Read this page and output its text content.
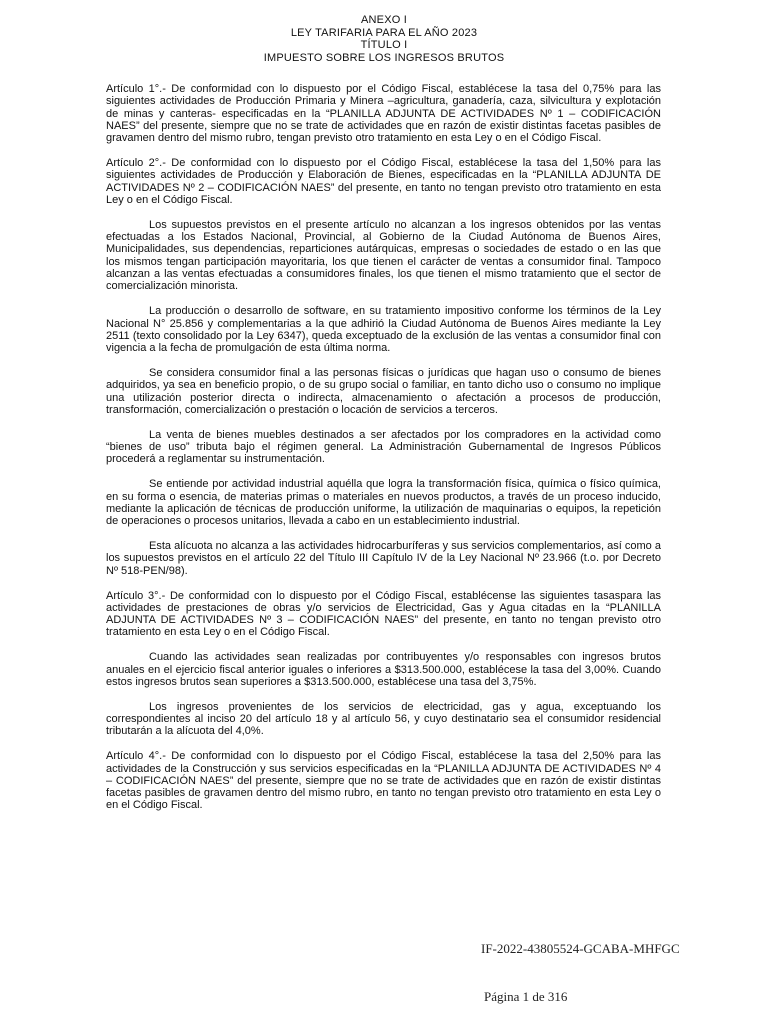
ANEXO I
LEY TARIFARIA PARA EL AÑO 2023
TÍTULO I
IMPUESTO SOBRE LOS INGRESOS BRUTOS

Artículo 1°.- De conformidad con lo dispuesto por el Código Fiscal, establécese la tasa del 0,75% para las siguientes actividades de Producción Primaria y Minera –agricultura, ganadería, caza, silvicultura y explotación de minas y canteras- especificadas en la “PLANILLA ADJUNTA DE ACTIVIDADES Nº 1 – CODIFICACIÓN NAES” del presente, siempre que no se trate de actividades que en razón de existir distintas facetas pasibles de gravamen dentro del mismo rubro, tengan previsto otro tratamiento en esta Ley o en el Código Fiscal.

Artículo 2°.- De conformidad con lo dispuesto por el Código Fiscal, establécese la tasa del 1,50% para las siguientes actividades de Producción y Elaboración de Bienes, especificadas en la “PLANILLA ADJUNTA DE ACTIVIDADES Nº 2 – CODIFICACIÓN NAES” del presente, en tanto no tengan previsto otro tratamiento en esta Ley o en el Código Fiscal.

Los supuestos previstos en el presente artículo no alcanzan a los ingresos obtenidos por las ventas efectuadas a los Estados Nacional, Provincial, al Gobierno de la Ciudad Autónoma de Buenos Aires, Municipalidades, sus dependencias, reparticiones autárquicas, empresas o sociedades de estado o en las que los mismos tengan participación mayoritaria, los que tienen el carácter de ventas a consumidor final. Tampoco alcanzan a las ventas efectuadas a consumidores finales, los que tienen el mismo tratamiento que el sector de comercialización minorista.

La producción o desarrollo de software, en su tratamiento impositivo conforme los términos de la Ley Nacional N° 25.856 y complementarias a la que adhirió la Ciudad Autónoma de Buenos Aires mediante la Ley 2511 (texto consolidado por la Ley 6347), queda exceptuado de la exclusión de las ventas a consumidor final con vigencia a la fecha de promulgación de esta última norma.

Se considera consumidor final a las personas físicas o jurídicas que hagan uso o consumo de bienes adquiridos, ya sea en beneficio propio, o de su grupo social o familiar, en tanto dicho uso o consumo no implique una utilización posterior directa o indirecta, almacenamiento o afectación a procesos de producción, transformación, comercialización o prestación o locación de servicios a terceros.

La venta de bienes muebles destinados a ser afectados por los compradores en la actividad como “bienes de uso” tributa bajo el régimen general. La Administración Gubernamental de Ingresos Públicos procederá a reglamentar su instrumentación.

Se entiende por actividad industrial aquélla que logra la transformación física, química o físico química, en su forma o esencia, de materias primas o materiales en nuevos productos, a través de un proceso inducido, mediante la aplicación de técnicas de producción uniforme, la utilización de maquinarias o equipos, la repetición de operaciones o procesos unitarios, llevada a cabo en un establecimiento industrial.

Esta alícuota no alcanza a las actividades hidrocarburíferas y sus servicios complementarios, así como a los supuestos previstos en el artículo 22 del Título III Capítulo IV de la Ley Nacional Nº 23.966 (t.o. por Decreto Nº 518-PEN/98).

Artículo 3°.- De conformidad con lo dispuesto por el Código Fiscal, establécense las siguientes tasaspara las actividades de prestaciones de obras y/o servicios de Electricidad, Gas y Agua citadas en la “PLANILLA ADJUNTA DE ACTIVIDADES Nº 3 – CODIFICACIÓN NAES” del presente, en tanto no tengan previsto otro tratamiento en esta Ley o en el Código Fiscal.

Cuando las actividades sean realizadas por contribuyentes y/o responsables con ingresos brutos anuales en el ejercicio fiscal anterior iguales o inferiores a $313.500.000, establécese la tasa del 3,00%. Cuando estos ingresos brutos sean superiores a $313.500.000, establécese una tasa del 3,75%.

Los ingresos provenientes de los servicios de electricidad, gas y agua, exceptuando los correspondientes al inciso 20 del artículo 18 y al artículo 56, y cuyo destinatario sea el consumidor residencial tributarán a la alícuota del 4,0%.

Artículo 4°.- De conformidad con lo dispuesto por el Código Fiscal, establécese la tasa del 2,50% para las actividades de la Construcción y sus servicios especificadas en la “PLANILLA ADJUNTA DE ACTIVIDADES Nº 4 – CODIFICACIÓN NAES” del presente, siempre que no se trate de actividades que en razón de existir distintas facetas pasibles de gravamen dentro del mismo rubro, en tanto no tengan previsto otro tratamiento en esta Ley o en el Código Fiscal.

IF-2022-43805524-GCABA-MHFGC
Página 1 de 316
